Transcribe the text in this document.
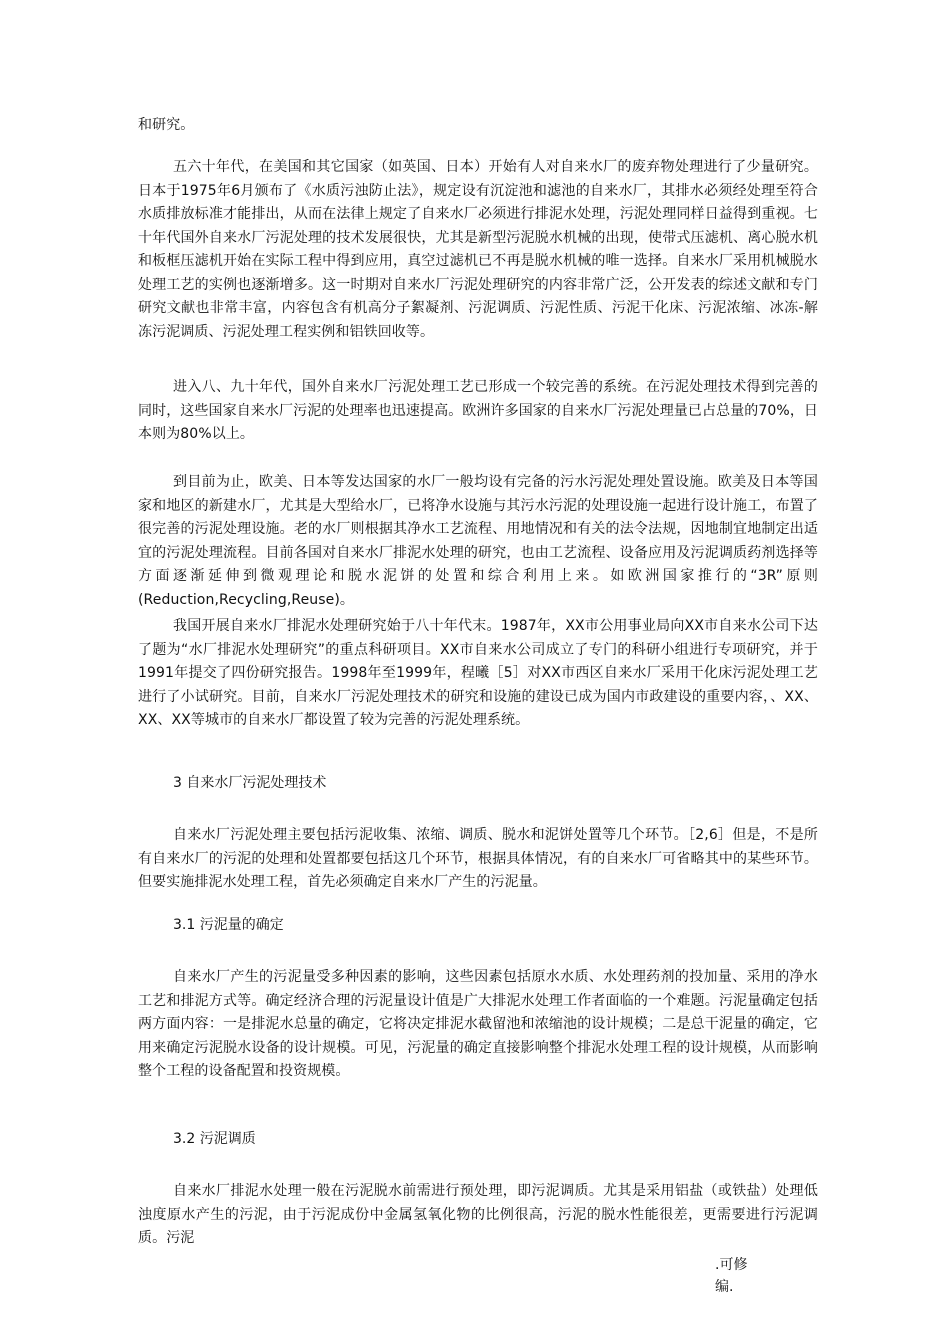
和研究。

五六十年代，在美国和其它国家（如英国、日本）开始有人对自来水厂的废弃物处理进行了少量研究。日本于1975年6月颁布了《水质污浊防止法》，规定设有沉淀池和滤池的自来水厂，其排水必须经处理至符合水质排放标准才能排出，从而在法律上规定了自来水厂必须进行排泥水处理，污泥处理同样日益得到重视。七十年代国外自来水厂污泥处理的技术发展很快，尤其是新型污泥脱水机械的出现，使带式压滤机、离心脱水机和板框压滤机开始在实际工程中得到应用，真空过滤机已不再是脱水机械的唯一选择。自来水厂采用机械脱水处理工艺的实例也逐渐增多。这一时期对自来水厂污泥处理研究的内容非常广泛，公开发表的综述文献和专门研究文献也非常丰富，内容包含有机高分子絮凝剂、污泥调质、污泥性质、污泥干化床、污泥浓缩、冰冻-解冻污泥调质、污泥处理工程实例和铝铁回收等。

进入八、九十年代，国外自来水厂污泥处理工艺已形成一个较完善的系统。在污泥处理技术得到完善的同时，这些国家自来水厂污泥的处理率也迅速提高。欧洲许多国家的自来水厂污泥处理量已占总量的70%，日本则为80%以上。

到目前为止，欧美、日本等发达国家的水厂一般均设有完备的污水污泥处理处置设施。欧美及日本等国家和地区的新建水厂，尤其是大型给水厂，已将净水设施与其污水污泥的处理设施一起进行设计施工，布置了很完善的污泥处理设施。老的水厂则根据其净水工艺流程、用地情况和有关的法令法规，因地制宜地制定出适宜的污泥处理流程。目前各国对自来水厂排泥水处理的研究，也由工艺流程、设备应用及污泥调质药剂选择等方面逐渐延伸到微观理论和脱水泥饼的处置和综合利用上来。如欧洲国家推行的“3R”原则(Reduction,Recycling,Reuse)。

我国开展自来水厂排泥水处理研究始于八十年代末。1987年，XX市公用事业局向XX市自来水公司下达了题为“水厂排泥水处理研究”的重点科研项目。XX市自来水公司成立了专门的科研小组进行专项研究，并于1991年提交了四份研究报告。1998年至1999年，程曦［5］对XX市西区自来水厂采用干化床污泥处理工艺进行了小试研究。目前，自来水厂污泥处理技术的研究和设施的建设已成为国内市政建设的重要内容，、XX、XX、XX等城市的自来水厂都设置了较为完善的污泥处理系统。

3 自来水厂污泥处理技术

自来水厂污泥处理主要包括污泥收集、浓缩、调质、脱水和泥饼处置等几个环节。［2,6］但是，不是所有自来水厂的污泥的处理和处置都要包括这几个环节，根据具体情况，有的自来水厂可省略其中的某些环节。但要实施排泥水处理工程，首先必须确定自来水厂产生的污泥量。

3.1 污泥量的确定

自来水厂产生的污泥量受多种因素的影响，这些因素包括原水水质、水处理药剂的投加量、采用的净水工艺和排泥方式等。确定经济合理的污泥量设计值是广大排泥水处理工作者面临的一个难题。污泥量确定包括两方面内容：一是排泥水总量的确定，它将决定排泥水截留池和浓缩池的设计规模；二是总干泥量的确定，它用来确定污泥脱水设备的设计规模。可见，污泥量的确定直接影响整个排泥水处理工程的设计规模，从而影响整个工程的设备配置和投资规模。

3.2 污泥调质

自来水厂排泥水处理一般在污泥脱水前需进行预处理，即污泥调质。尤其是采用铝盐（或铁盐）处理低浊度原水产生的污泥，由于污泥成份中金属氢氧化物的比例很高，污泥的脱水性能很差，更需要进行污泥调质。污泥

.可修
编.
